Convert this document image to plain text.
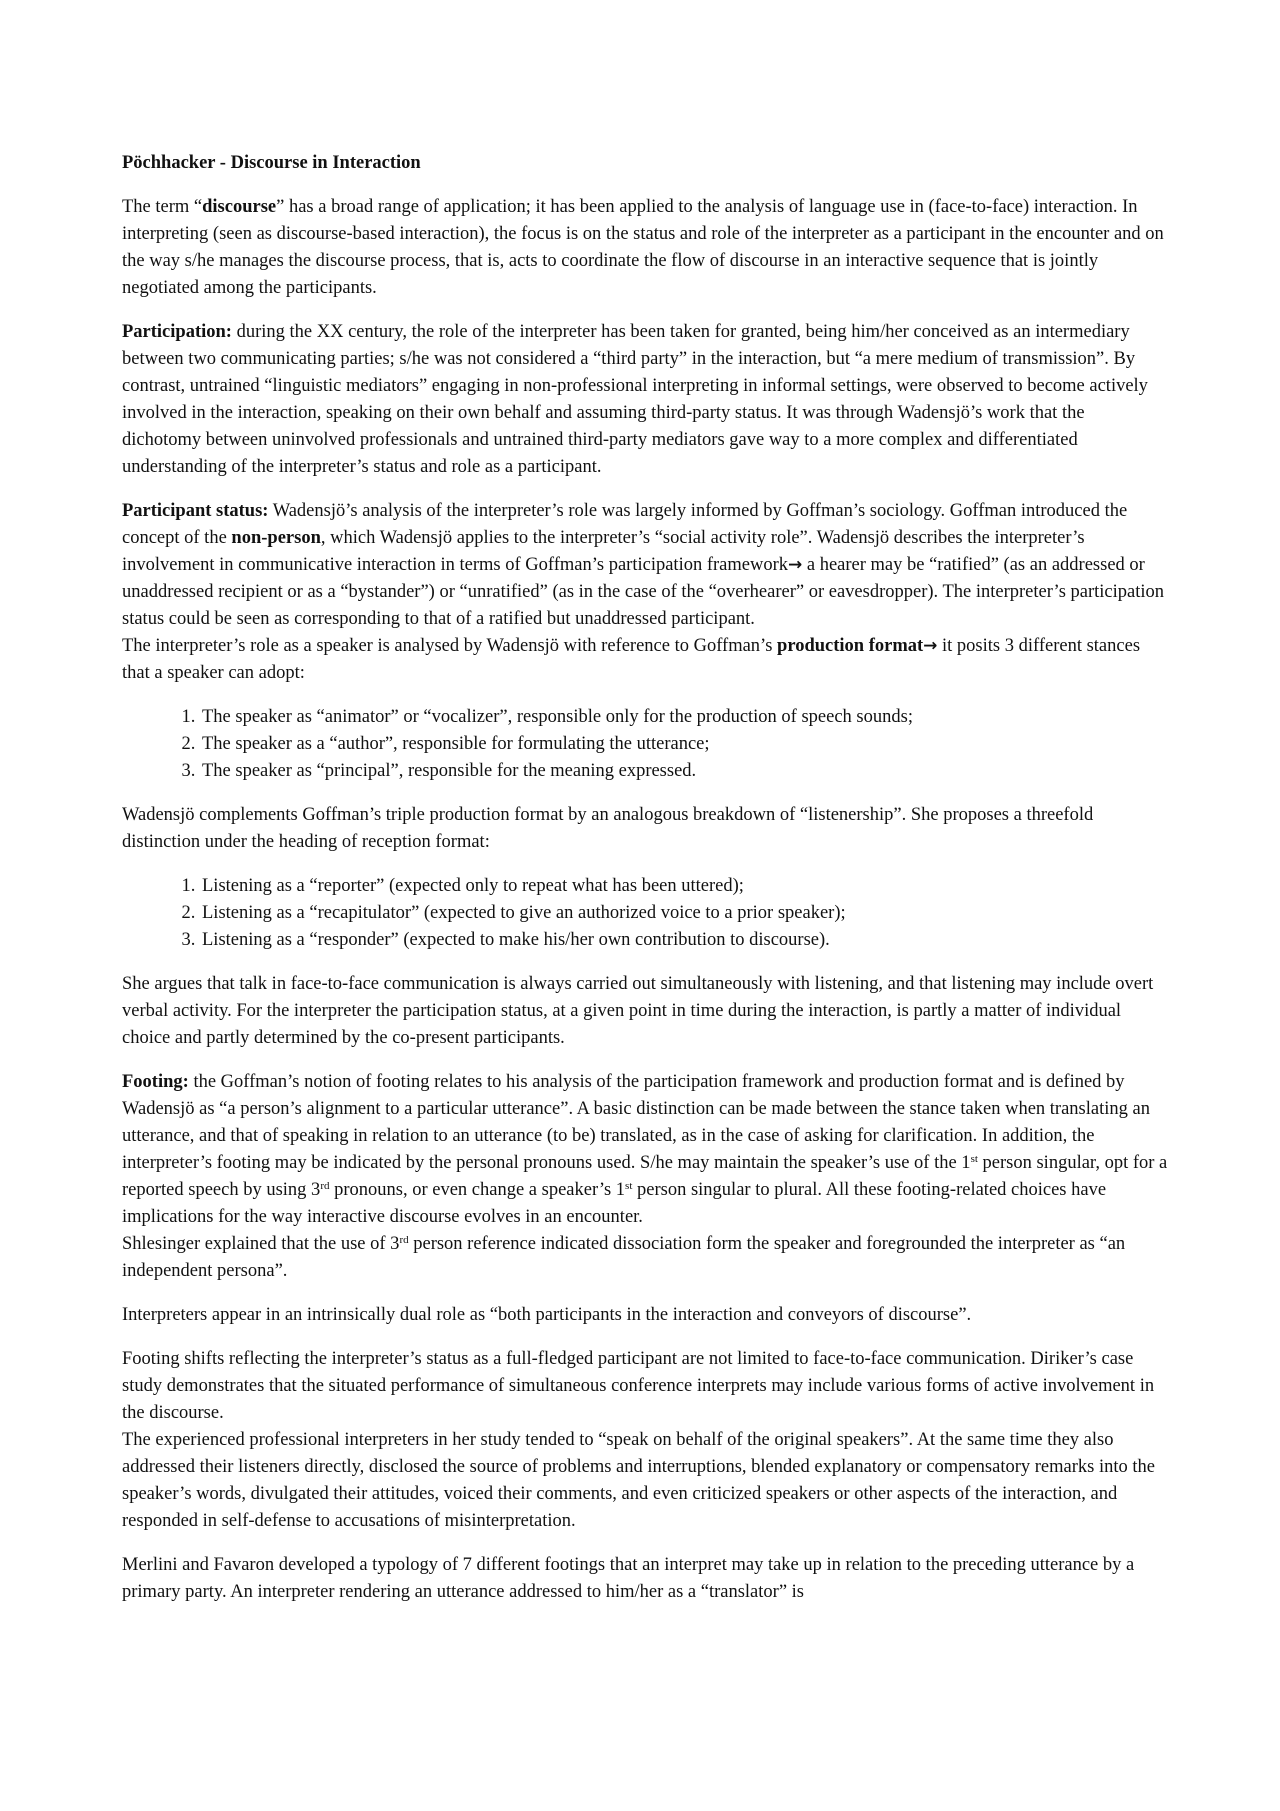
Pöchhacker - Discourse in Interaction

The term “discourse” has a broad range of application; it has been applied to the analysis of language use in (face-to-face) interaction. In interpreting (seen as discourse-based interaction), the focus is on the status and role of the interpreter as a participant in the encounter and on the way s/he manages the discourse process, that is, acts to coordinate the flow of discourse in an interactive sequence that is jointly negotiated among the participants.

Participation: during the XX century, the role of the interpreter has been taken for granted, being him/her conceived as an intermediary between two communicating parties; s/he was not considered a “third party” in the interaction, but “a mere medium of transmission”. By contrast, untrained “linguistic mediators” engaging in non-professional interpreting in informal settings, were observed to become actively involved in the interaction, speaking on their own behalf and assuming third-party status. It was through Wadensjö’s work that the dichotomy between uninvolved professionals and untrained third-party mediators gave way to a more complex and differentiated understanding of the interpreter’s status and role as a participant.

Participant status: Wadensjö’s analysis of the interpreter’s role was largely informed by Goffman’s sociology. Goffman introduced the concept of the non-person, which Wadensjö applies to the interpreter’s “social activity role”. Wadensjö describes the interpreter’s involvement in communicative interaction in terms of Goffman’s participation framework→ a hearer may be “ratified” (as an addressed or unaddressed recipient or as a “bystander”) or “unratified” (as in the case of the “overhearer” or eavesdropper). The interpreter’s participation status could be seen as corresponding to that of a ratified but unaddressed participant.

The interpreter’s role as a speaker is analysed by Wadensjö with reference to Goffman’s production format→ it posits 3 different stances that a speaker can adopt:

1. The speaker as “animator” or “vocalizer”, responsible only for the production of speech sounds;
2. The speaker as a “author”, responsible for formulating the utterance;
3. The speaker as “principal”, responsible for the meaning expressed.

Wadensjö complements Goffman’s triple production format by an analogous breakdown of “listenership”. She proposes a threefold distinction under the heading of reception format:

1. Listening as a “reporter” (expected only to repeat what has been uttered);
2. Listening as a “recapitulator” (expected to give an authorized voice to a prior speaker);
3. Listening as a “responder” (expected to make his/her own contribution to discourse).

She argues that talk in face-to-face communication is always carried out simultaneously with listening, and that listening may include overt verbal activity. For the interpreter the participation status, at a given point in time during the interaction, is partly a matter of individual choice and partly determined by the co-present participants.

Footing: the Goffman’s notion of footing relates to his analysis of the participation framework and production format and is defined by Wadensjö as “a person’s alignment to a particular utterance”. A basic distinction can be made between the stance taken when translating an utterance, and that of speaking in relation to an utterance (to be) translated, as in the case of asking for clarification. In addition, the interpreter’s footing may be indicated by the personal pronouns used. S/he may maintain the speaker’s use of the 1st person singular, opt for a reported speech by using 3rd pronouns, or even change a speaker’s 1st person singular to plural. All these footing-related choices have implications for the way interactive discourse evolves in an encounter.

Shlesinger explained that the use of 3rd person reference indicated dissociation form the speaker and foregrounded the interpreter as “an independent persona”.

Interpreters appear in an intrinsically dual role as “both participants in the interaction and conveyors of discourse”.

Footing shifts reflecting the interpreter’s status as a full-fledged participant are not limited to face-to-face communication. Diriker’s case study demonstrates that the situated performance of simultaneous conference interprets may include various forms of active involvement in the discourse.

The experienced professional interpreters in her study tended to “speak on behalf of the original speakers”. At the same time they also addressed their listeners directly, disclosed the source of problems and interruptions, blended explanatory or compensatory remarks into the speaker’s words, divulgated their attitudes, voiced their comments, and even criticized speakers or other aspects of the interaction, and responded in self-defense to accusations of misinterpretation.

Merlini and Favaron developed a typology of 7 different footings that an interpret may take up in relation to the preceding utterance by a primary party. An interpreter rendering an utterance addressed to him/her as a “translator” is
